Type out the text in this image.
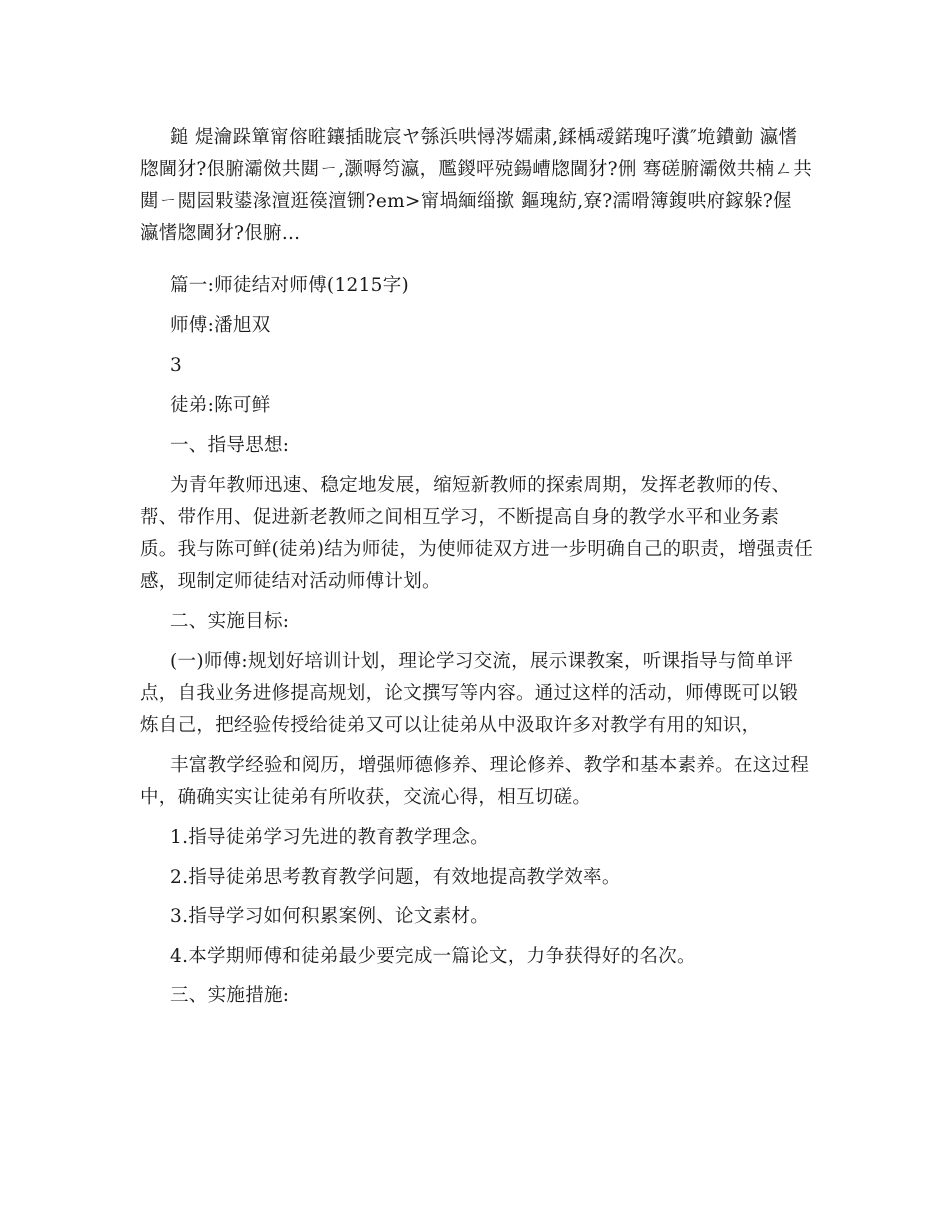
鎚 煶瀹跺簞甯傛暀鑲插眬宸ヤ綔浜哄憳涔嬬粛,鍒楀叆鍩瑰吇瀵″垝鐨勭 瀛愭牎閫犲?佷腑灞傚共閮ㄧ,灏嗕笉瀛，尶鍐呯殑鍚嶆牎閫犲?侀 骞磋腑灞傚共楠ㄥ共閮ㄧ閲囩敤鍙湪澶逛篌澶铏?em>甯堝緬缁撳 鏂瑰紡,寮?濡嗗簿鍑哄府鎵躲?偓 瀛愭牎閫犲?佷腑...

篇一:师徒结对师傅(1215字)

师傅:潘旭双

3

徒弟:陈可鲜

一、指导思想:

为青年教师迅速、稳定地发展，缩短新教师的探索周期，发挥老教师的传、帮、带作用、促进新老教师之间相互学习，不断提高自身的教学水平和业务素质。我与陈可鲜(徒弟)结为师徒，为使师徒双方进一步明确自己的职责，增强责任感，现制定师徒结对活动师傅计划。

二、实施目标:

(一)师傅:规划好培训计划，理论学习交流，展示课教案，听课指导与简单评点，自我业务进修提高规划，论文撰写等内容。通过这样的活动，师傅既可以锻炼自己，把经验传授给徒弟又可以让徒弟从中汲取许多对教学有用的知识，

丰富教学经验和阅历，增强师德修养、理论修养、教学和基本素养。在这过程中，确确实实让徒弟有所收获，交流心得，相互切磋。

1.指导徒弟学习先进的教育教学理念。

2.指导徒弟思考教育教学问题，有效地提高教学效率。

3.指导学习如何积累案例、论文素材。

4.本学期师傅和徒弟最少要完成一篇论文，力争获得好的名次。

三、实施措施:
